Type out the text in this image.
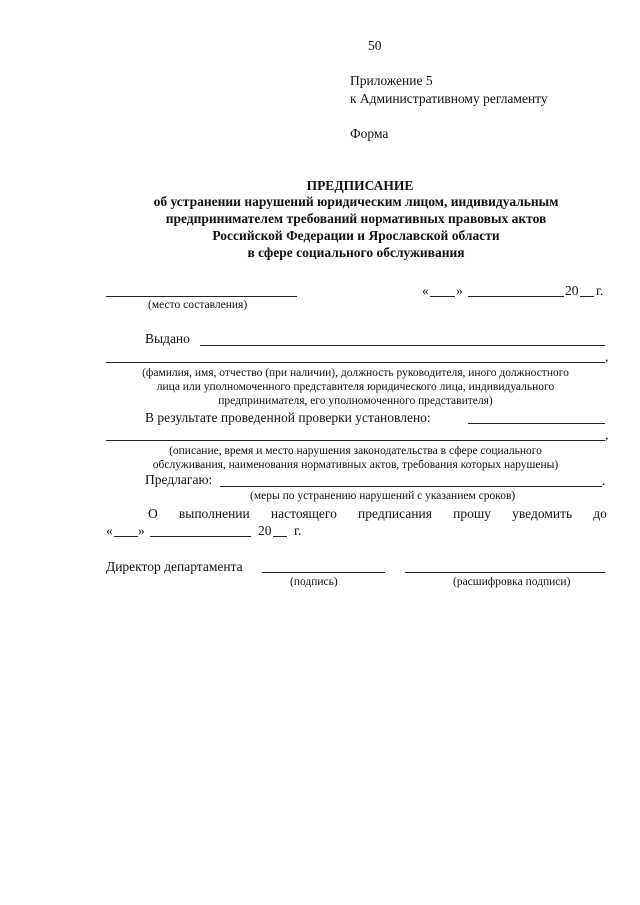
50
Приложение 5
к Административному регламенту
Форма
ПРЕДПИСАНИЕ
об устранении нарушений юридическим лицом, индивидуальным
предпринимателем требований нормативных правовых актов
Российской Федерации и Ярославской области
в сфере социального обслуживания
(место составления)
« »	20 г.
Выдано
,
(фамилия, имя, отчество (при наличии), должность руководителя, иного должностного
лица или уполномоченного представителя юридического лица, индивидуального
предпринимателя, его уполномоченного представителя)
В результате проведенной проверки установлено:
,
(описание, время и место нарушения законодательства в сфере социального
обслуживания, наименования нормативных актов, требования которых нарушены)
Предлагаю:	.
(меры по устранению нарушений с указанием сроков)
О выполнении настоящего предписания прошу уведомить до
« »	20 г.
Директор департамента
(подпись)	(расшифровка подписи)
